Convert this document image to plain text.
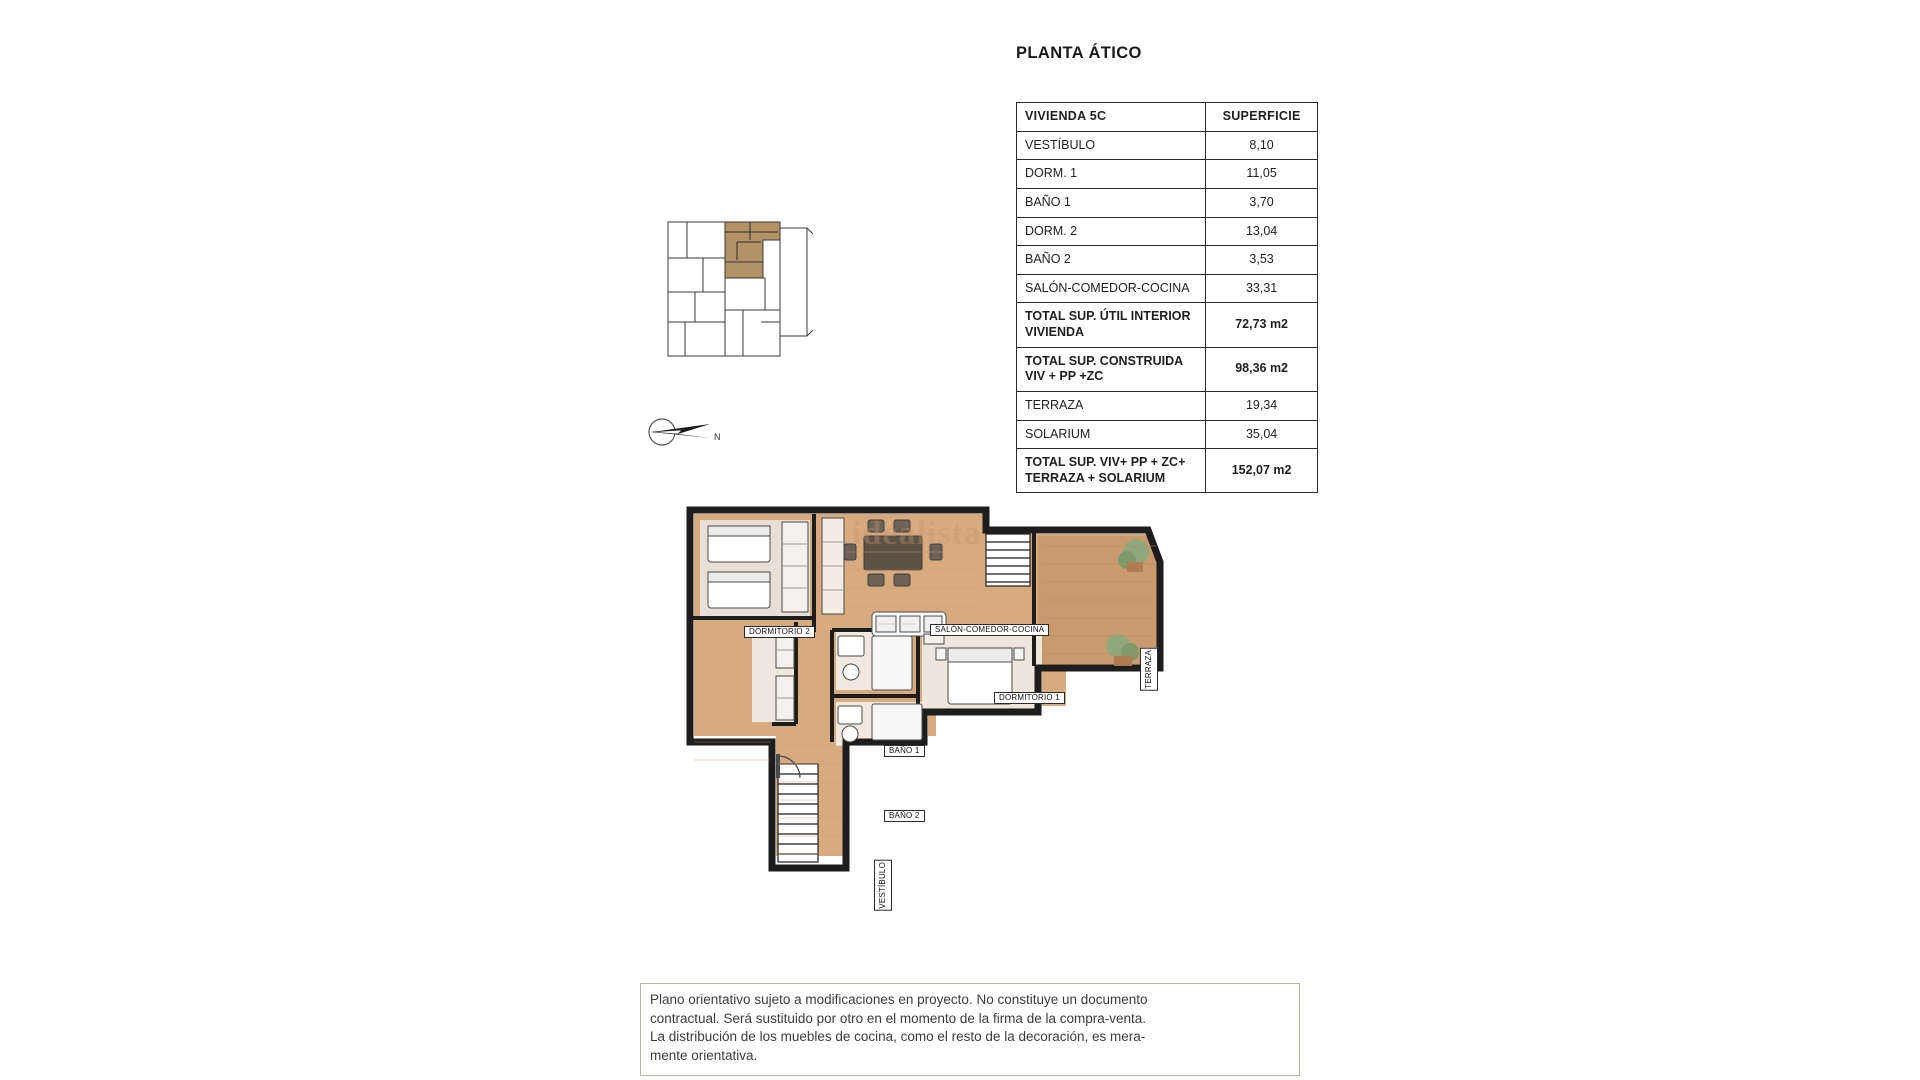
PLANTA ÁTICO
VIVIENDA 5C	SUPERFICIE
VESTÍBULO	8,10
DORM. 1	11,05
BAÑO 1	3,70
DORM. 2	13,04
BAÑO 2	3,53
SALÓN-COMEDOR-COCINA	33,31
TOTAL SUP. ÚTIL INTERIOR VIVIENDA	72,73 m2
TOTAL SUP. CONSTRUIDA VIV + PP +ZC	98,36 m2
TERRAZA	19,34
SOLARIUM	35,04
TOTAL SUP. VIV+ PP + ZC+ TERRAZA + SOLARIUM	152,07 m2
N
DORMITORIO 2	SALÓN-COMEDOR-COCINA
TERRAZA
DORMITORIO 1
BAÑO 1
BAÑO 2
VESTÍBULO
idealista

Plano orientativo sujeto a modificaciones en proyecto. No constituye un documento

contractual. Será sustituido por otro en el momento de la firma de la compra-venta.

La distribución de los muebles de cocina, como el resto de la decoración, es mera-

mente orientativa.
